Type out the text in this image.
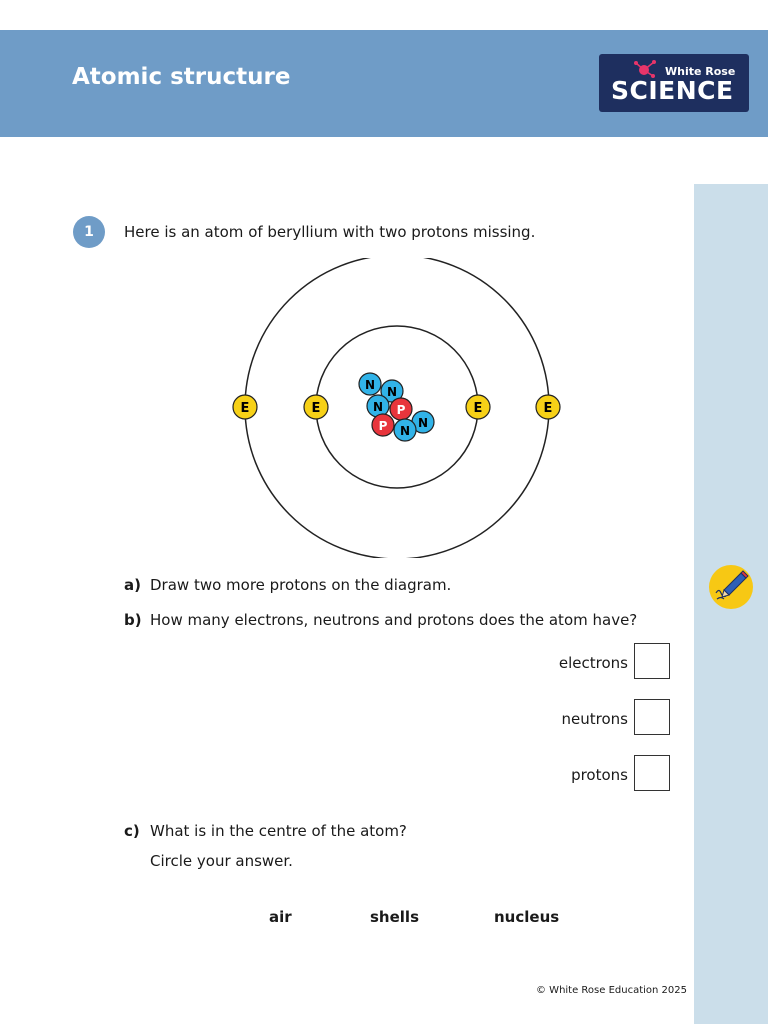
Atomic structure	White Rose
SCIENCE
1	Here is an atom of beryllium with two protons missing.
E	E	E	E
N N
N P
N
P N
a) Draw two more protons on the diagram.
b) How many electrons, neutrons and protons does the atom have?
electrons
neutrons
protons
c) What is in the centre of the atom?
Circle your answer.
air	shells	nucleus
© White Rose Education 2025
